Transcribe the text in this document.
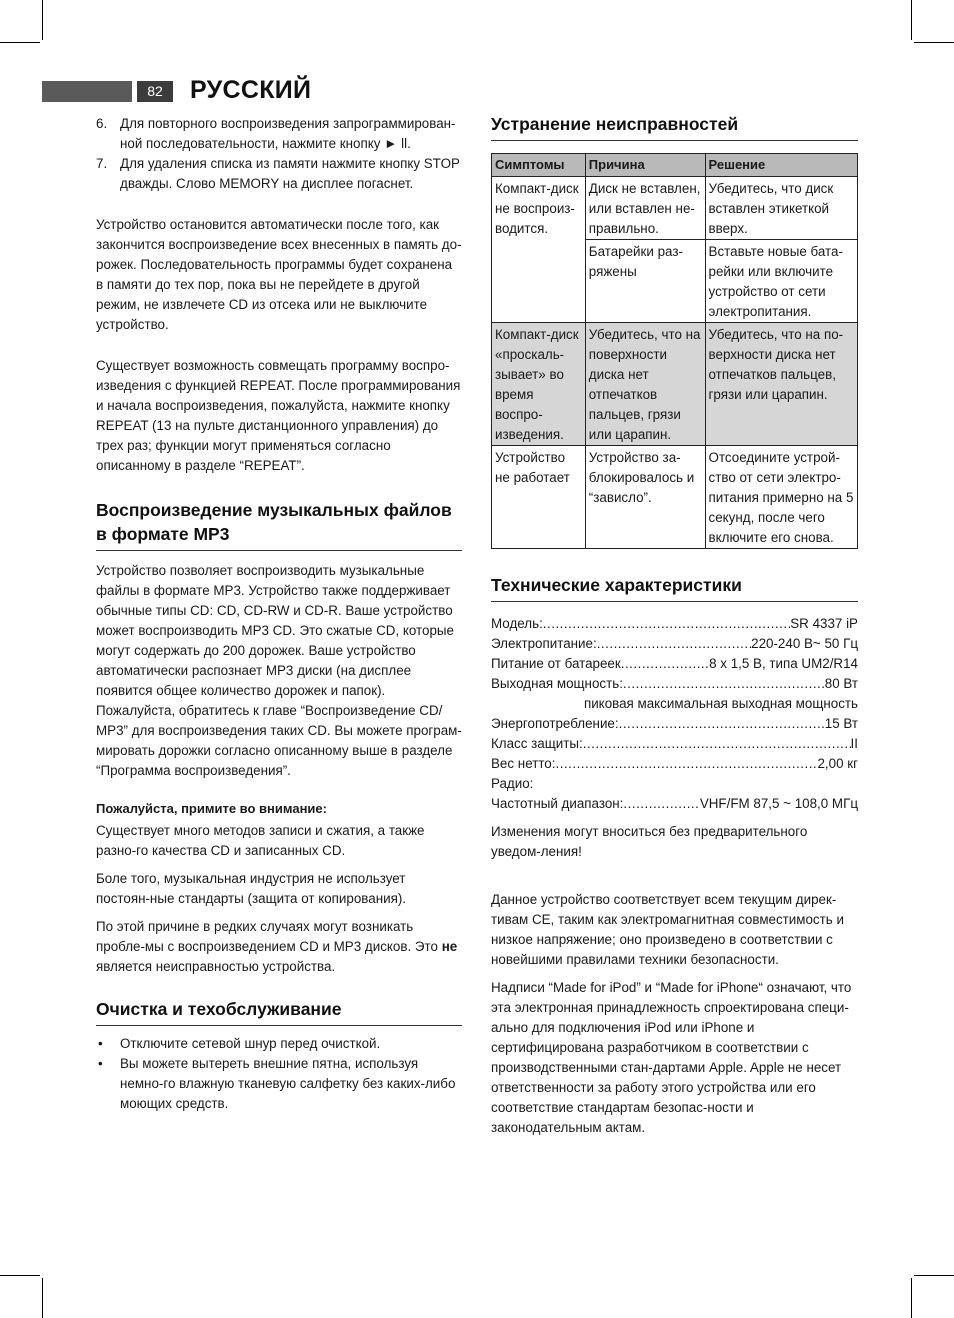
82	РУССКИЙ
6. Для повторного воспроизведения запрограммирован-ной последовательности, нажмите кнопку ► ll.
7. Для удаления списка из памяти нажмите кнопку STOP дважды. Слово MEMORY на дисплее погаснет.

Устройство остановится автоматически после того, как закончится воспроизведение всех внесенных в память до-рожек. Последовательность программы будет сохранена в памяти до тех пор, пока вы не перейдете в другой режим, не извлечете CD из отсека или не выключите устройство.

Существует возможность совмещать программу воспро-изведения с функцией REPEAT. После программирования и начала воспроизведения, пожалуйста, нажмите кнопку REPEAT (13 на пульте дистанционного управления) до трех раз; функции могут применяться согласно описанному в разделе “REPEAT”.

Воспроизведение музыкальных файлов в формате MP3

Устройство позволяет воспроизводить музыкальные файлы в формате MP3. Устройство также поддерживает обычные типы CD: CD, CD-RW и CD-R. Ваше устройство может воспроизводить MP3 CD. Это сжатые CD, которые могут содержать до 200 дорожек. Ваше устройство автоматически распознает MP3 диски (на дисплее появится общее количество дорожек и папок). Пожалуйста, обратитесь к главе “Воспроизведение CD/ MP3” для воспроизведения таких CD. Вы можете програм-мировать дорожки согласно описанному выше в разделе “Программа воспроизведения”.

Пожалуйста, примите во внимание:

Существует много методов записи и сжатия, а также разно-го качества CD и записанных CD.

Боле того, музыкальная индустрия не использует постоян-ные стандарты (защита от копирования).

По этой причине в редких случаях могут возникать пробле-мы с воспроизведением CD и MP3 дисков. Это не является неисправностью устройства.

Очистка и техобслуживание
• Отключите сетевой шнур перед очисткой.
• Вы можете вытереть внешние пятна, используя немно-го влажную тканевую салфетку без каких-либо моющих средств.
Устранение неисправностей
Симптомы	Причина	Решение
Компакт-диск не воспроиз-водится.	Диск не вставлен, или вставлен не-правильно.	Убедитесь, что диск вставлен этикеткой вверх.
	Батарейки раз-ряжены	Вставьте новые бата-рейки или включите устройство от сети электропитания.
Компакт-диск «проскаль-зывает» во время воспро-изведения.	Убедитесь, что на поверхности диска нет отпечатков пальцев, грязи или царапин.	Убедитесь, что на по-верхности диска нет отпечатков пальцев, грязи или царапин.
Устройство не работает	Устройство за-блокировалось и “зависло”.	Отсоедините устрой-ство от сети электро-питания примерно на 5 секунд, после чего включите его снова.
Технические характеристики
Модель: .....	SR 4337 iP
Электропитание: .....	220-240 В~ 50 Гц
Питание от батареек .....	8 x 1,5 В, типа UM2/R14
Выходная мощность: .....	80 Вт
пиковая максимальная выходная мощность
Энергопотребление: .....	15 Вт
Класс защиты: .....	II
Вес нетто: .....	2,00 кг
Радио:
Частотный диапазон: .....	VHF/FM 87,5 ~ 108,0 МГц

Изменения могут вноситься без предварительного уведом-ления!

Данное устройство соответствует всем текущим дирек-тивам CE, таким как электромагнитная совместимость и низкое напряжение; оно произведено в соответствии с новейшими правилами техники безопасности.

Надписи “Made for iPod” и “Made for iPhone“ означают, что эта электронная принадлежность спроектирована специ-ально для подключения iPod или iPhone и сертифицирована разработчиком в соответствии с производственными стан-дартами Apple. Apple не несет ответственности за работу этого устройства или его соответствие стандартам безопас-ности и законодательным актам.
